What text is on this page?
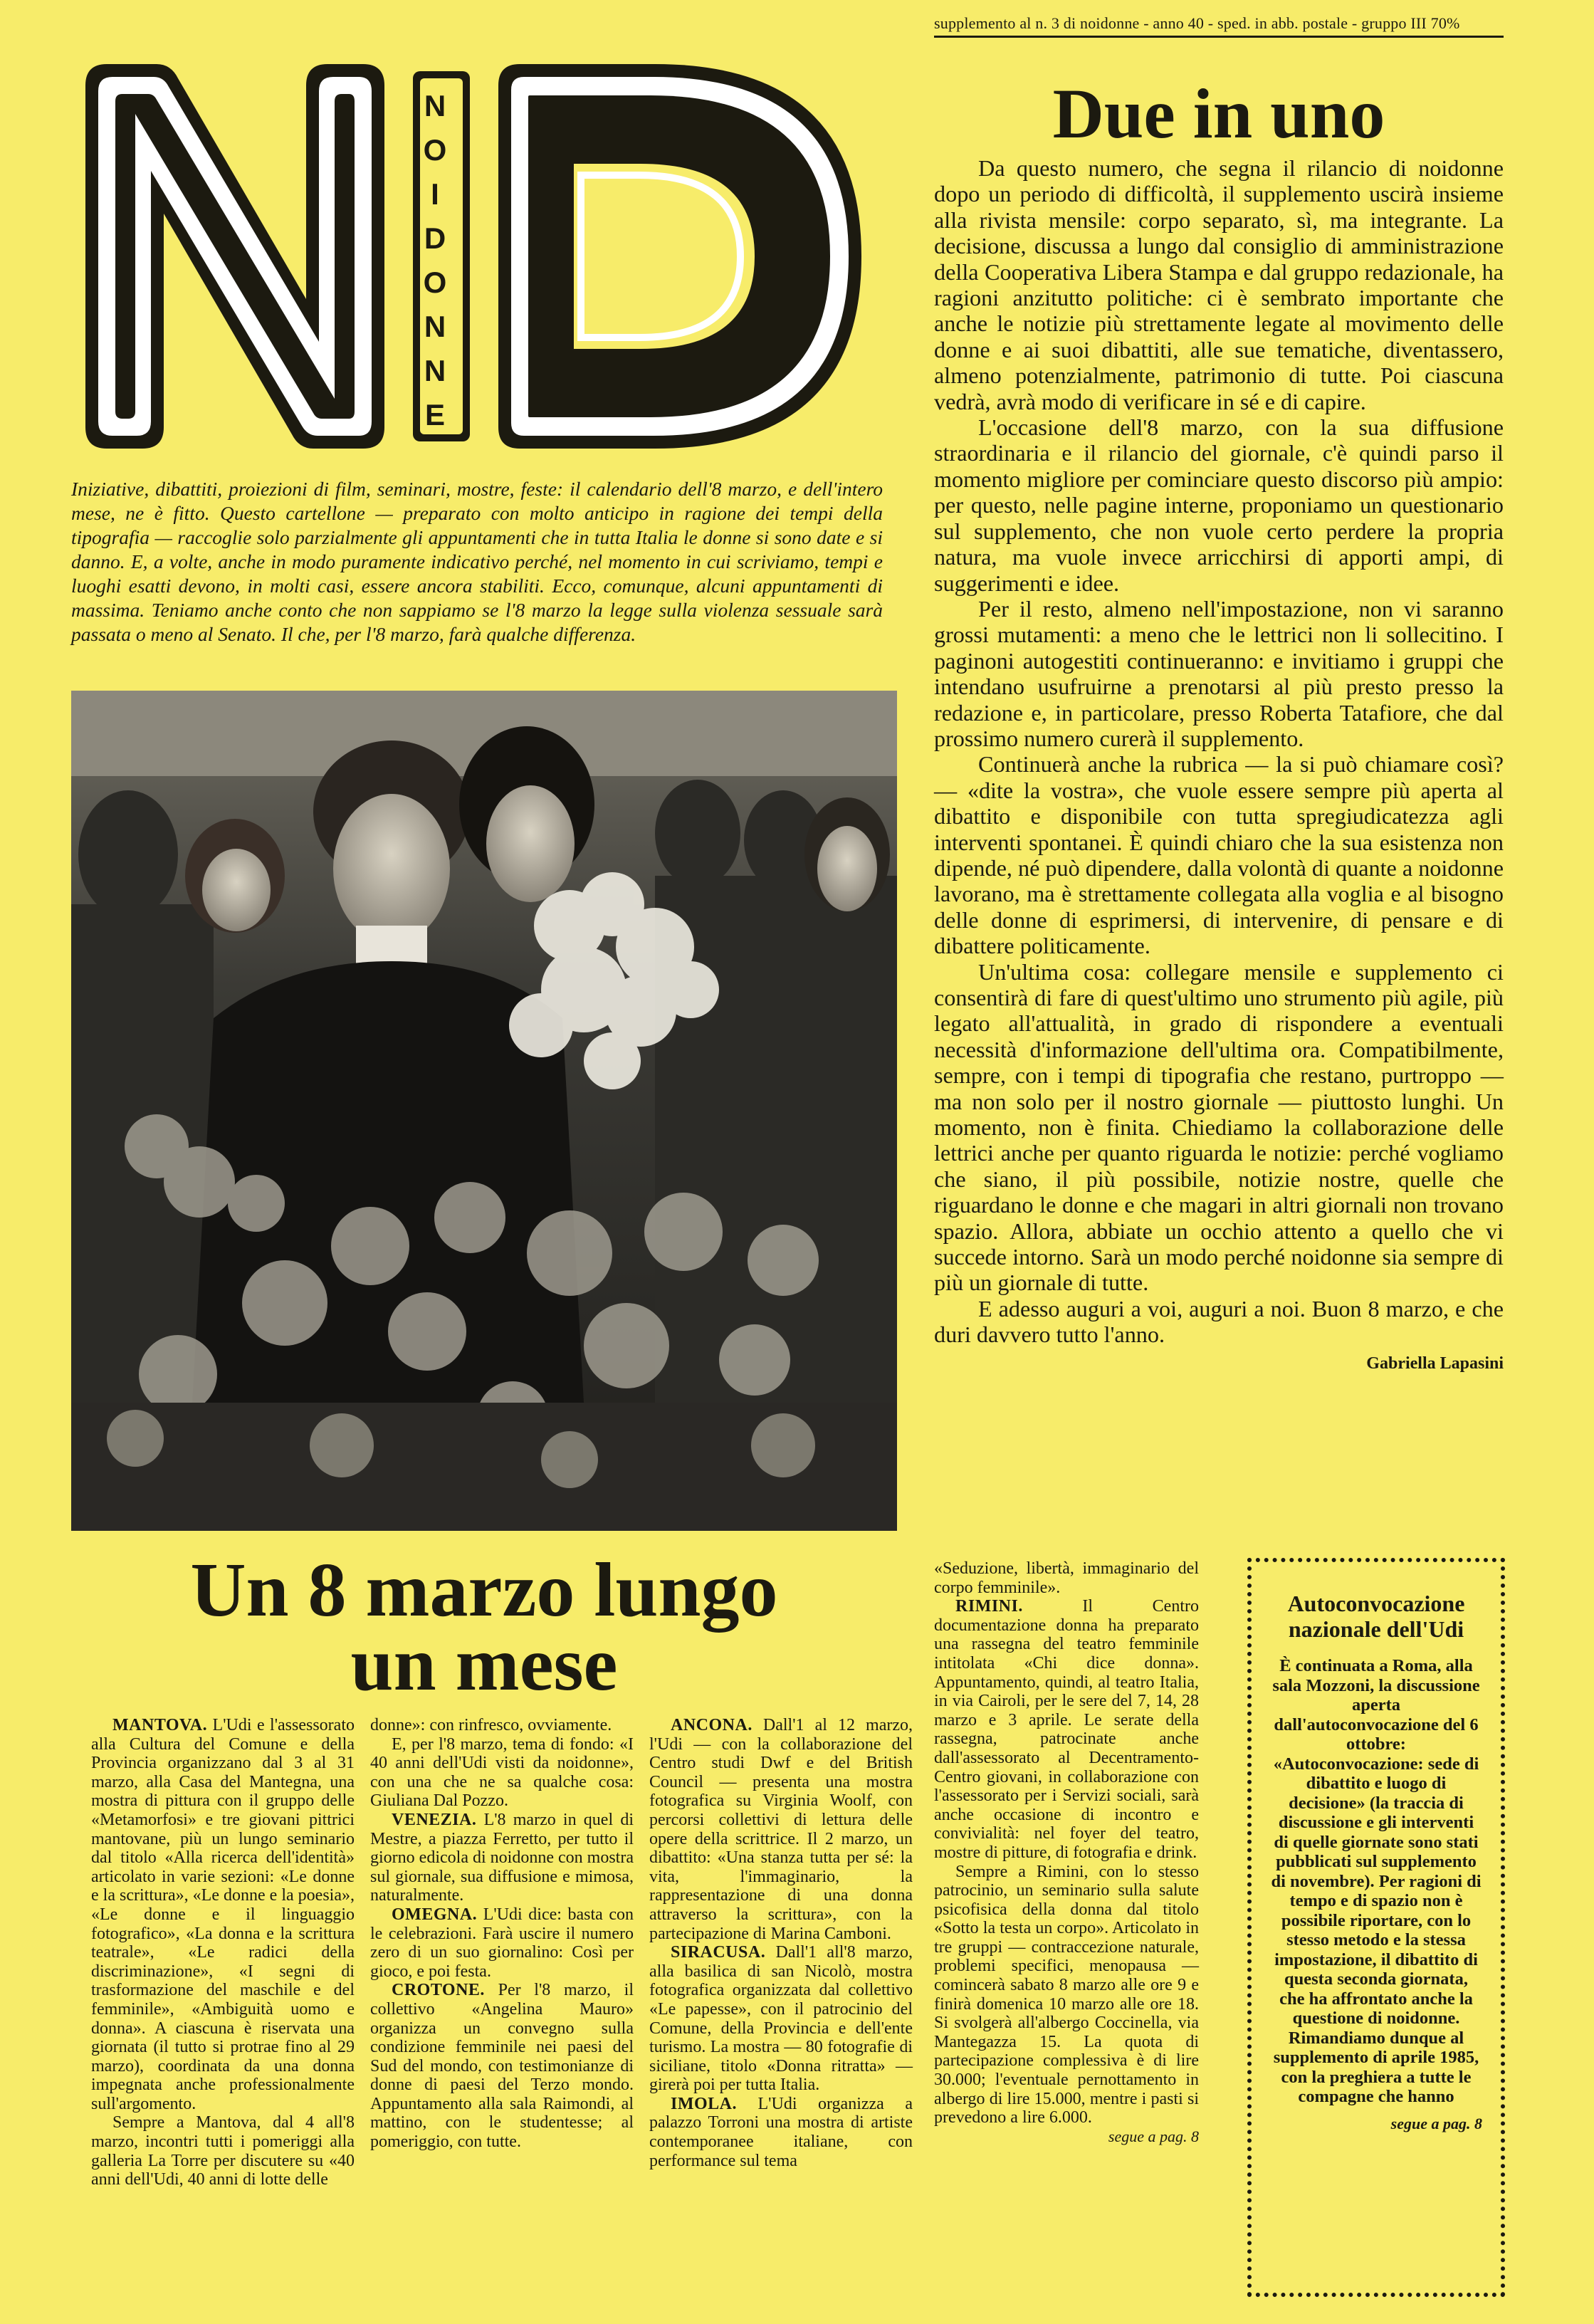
supplemento al n. 3 di noidonne - anno 40 - sped. in abb. postale - gruppo III 70%
N
O
I
D
O
N
N
E
Iniziative, dibattiti, proiezioni di film, seminari, mostre, feste: il calendario dell'8 marzo, e dell'intero mese, ne è fitto. Questo cartellone — preparato con molto anticipo in ragione dei tempi della tipografia — raccoglie solo parzialmente gli appuntamenti che in tutta Italia le donne si sono date e si danno. E, a volte, anche in modo puramente indicativo perché, nel momento in cui scriviamo, tempi e luoghi esatti devono, in molti casi, essere ancora stabiliti. Ecco, comunque, alcuni appuntamenti di massima. Teniamo anche conto che non sappiamo se l'8 marzo la legge sulla violenza sessuale sarà passata o meno al Senato. Il che, per l'8 marzo, farà qualche differenza.
Due in uno

Da questo numero, che segna il rilancio di noidonne dopo un periodo di difficoltà, il supplemento uscirà insieme alla rivista mensile: corpo separato, sì, ma integrante. La decisione, discussa a lungo dal consiglio di amministrazione della Cooperativa Libera Stampa e dal gruppo redazionale, ha ragioni anzitutto politiche: ci è sembrato importante che anche le notizie più strettamente legate al movimento delle donne e ai suoi dibattiti, alle sue tematiche, diventassero, almeno potenzialmente, patrimonio di tutte. Poi ciascuna vedrà, avrà modo di verificare in sé e di capire.

L'occasione dell'8 marzo, con la sua diffusione straordinaria e il rilancio del giornale, c'è quindi parso il momento migliore per cominciare questo discorso più ampio: per questo, nelle pagine interne, proponiamo un questionario sul supplemento, che non vuole certo perdere la propria natura, ma vuole invece arricchirsi di apporti ampi, di suggerimenti e idee.

Per il resto, almeno nell'impostazione, non vi saranno grossi mutamenti: a meno che le lettrici non li sollecitino. I paginoni autogestiti continueranno: e invitiamo i gruppi che intendano usufruirne a prenotarsi al più presto presso la redazione e, in particolare, presso Roberta Tatafiore, che dal prossimo numero curerà il supplemento.

Continuerà anche la rubrica — la si può chiamare così? — «dite la vostra», che vuole essere sempre più aperta al dibattito e disponibile con tutta spregiudicatezza agli interventi spontanei. È quindi chiaro che la sua esistenza non dipende, né può dipendere, dalla volontà di quante a noidonne lavorano, ma è strettamente collegata alla voglia e al bisogno delle donne di esprimersi, di intervenire, di pensare e di dibattere politicamente.

Un'ultima cosa: collegare mensile e supplemento ci consentirà di fare di quest'ultimo uno strumento più agile, più legato all'attualità, in grado di rispondere a eventuali necessità d'informazione dell'ultima ora. Compatibilmente, sempre, con i tempi di tipografia che restano, purtroppo — ma non solo per il nostro giornale — piuttosto lunghi. Un momento, non è finita. Chiediamo la collaborazione delle lettrici anche per quanto riguarda le notizie: perché vogliamo che siano, il più possibile, notizie nostre, quelle che riguardano le donne e che magari in altri giornali non trovano spazio. Allora, abbiate un occhio attento a quello che vi succede intorno. Sarà un modo perché noidonne sia sempre di più un giornale di tutte.

E adesso auguri a voi, auguri a noi. Buon 8 marzo, e che duri davvero tutto l'anno.

Gabriella Lapasini
Un 8 marzo lungo
un mese

MANTOVA. L'Udi e l'assessorato alla Cultura del Comune e della Provincia organizzano dal 3 al 31 marzo, alla Casa del Mantegna, una mostra di pittura con il gruppo delle «Metamorfosi» e tre giovani pittrici mantovane, più un lungo seminario dal titolo «Alla ricerca dell'identità» articolato in varie sezioni: «Le donne e la scrittura», «Le donne e la poesia», «Le donne e il linguaggio fotografico», «La donna e la scrittura teatrale», «Le radici della discriminazione», «I segni di trasformazione del maschile e del femminile», «Ambiguità uomo e donna». A ciascuna è riservata una giornata (il tutto si protrae fino al 29 marzo), coordinata da una donna impegnata anche professionalmente sull'argomento.

Sempre a Mantova, dal 4 all'8 marzo, incontri tutti i pomeriggi alla galleria La Torre per discutere su «40 anni dell'Udi, 40 anni di lotte delle

donne»: con rinfresco, ovviamente.

E, per l'8 marzo, tema di fondo: «I 40 anni dell'Udi visti da noidonne», con una che ne sa qualche cosa: Giuliana Dal Pozzo.

VENEZIA. L'8 marzo in quel di Mestre, a piazza Ferretto, per tutto il giorno edicola di noidonne con mostra sul giornale, sua diffusione e mimosa, naturalmente.

OMEGNA. L'Udi dice: basta con le celebrazioni. Farà uscire il numero zero di un suo giornalino: Così per gioco, e poi festa.

CROTONE. Per l'8 marzo, il collettivo «Angelina Mauro» organizza un convegno sulla condizione femminile nei paesi del Sud del mondo, con testimonianze di donne di paesi del Terzo mondo. Appuntamento alla sala Raimondi, al mattino, con le studentesse; al pomeriggio, con tutte.

ANCONA. Dall'1 al 12 marzo, l'Udi — con la collaborazione del Centro studi Dwf e del British Council — presenta una mostra fotografica su Virginia Woolf, con percorsi collettivi di lettura delle opere della scrittrice. Il 2 marzo, un dibattito: «Una stanza tutta per sé: la vita, l'immaginario, la rappresentazione di una donna attraverso la scrittura», con la partecipazione di Marina Camboni.

SIRACUSA. Dall'1 all'8 marzo, alla basilica di san Nicolò, mostra fotografica organizzata dal collettivo «Le papesse», con il patrocinio del Comune, della Provincia e dell'ente turismo. La mostra — 80 fotografie di siciliane, titolo «Donna ritratta» — girerà poi per tutta Italia.

IMOLA. L'Udi organizza a palazzo Torroni una mostra di artiste contemporanee italiane, con performance sul tema

«Seduzione, libertà, immaginario del corpo femminile».

RIMINI. Il Centro documentazione donna ha preparato una rassegna del teatro femminile intitolata «Chi dice donna». Appuntamento, quindi, al teatro Italia, in via Cairoli, per le sere del 7, 14, 28 marzo e 3 aprile. Le serate della rassegna, patrocinate anche dall'assessorato al Decentramento-Centro giovani, in collaborazione con l'assessorato per i Servizi sociali, sarà anche occasione di incontro e convivialità: nel foyer del teatro, mostre di pitture, di fotografia e drink.

Sempre a Rimini, con lo stesso patrocinio, un seminario sulla salute psicofisica della donna dal titolo «Sotto la testa un corpo». Articolato in tre gruppi — contraccezione naturale, problemi specifici, menopausa — comincerà sabato 8 marzo alle ore 9 e finirà domenica 10 marzo alle ore 18. Si svolgerà all'albergo Coccinella, via Mantegazza 15. La quota di partecipazione complessiva è di lire 30.000; l'eventuale pernottamento in albergo di lire 15.000, mentre i pasti si prevedono a lire 6.000.

segue a pag. 8
Autoconvocazione nazionale dell'Udi

È continuata a Roma, alla sala Mozzoni, la discussione aperta dall'autoconvocazione del 6 ottobre: «Autoconvocazione: sede di dibattito e luogo di decisione» (la traccia di discussione e gli interventi di quelle giornate sono stati pubblicati sul supplemento di novembre). Per ragioni di tempo e di spazio non è possibile riportare, con lo stesso metodo e la stessa impostazione, il dibattito di questa seconda giornata, che ha affrontato anche la questione di noidonne. Rimandiamo dunque al supplemento di aprile 1985, con la preghiera a tutte le compagne che hanno

segue a pag. 8
